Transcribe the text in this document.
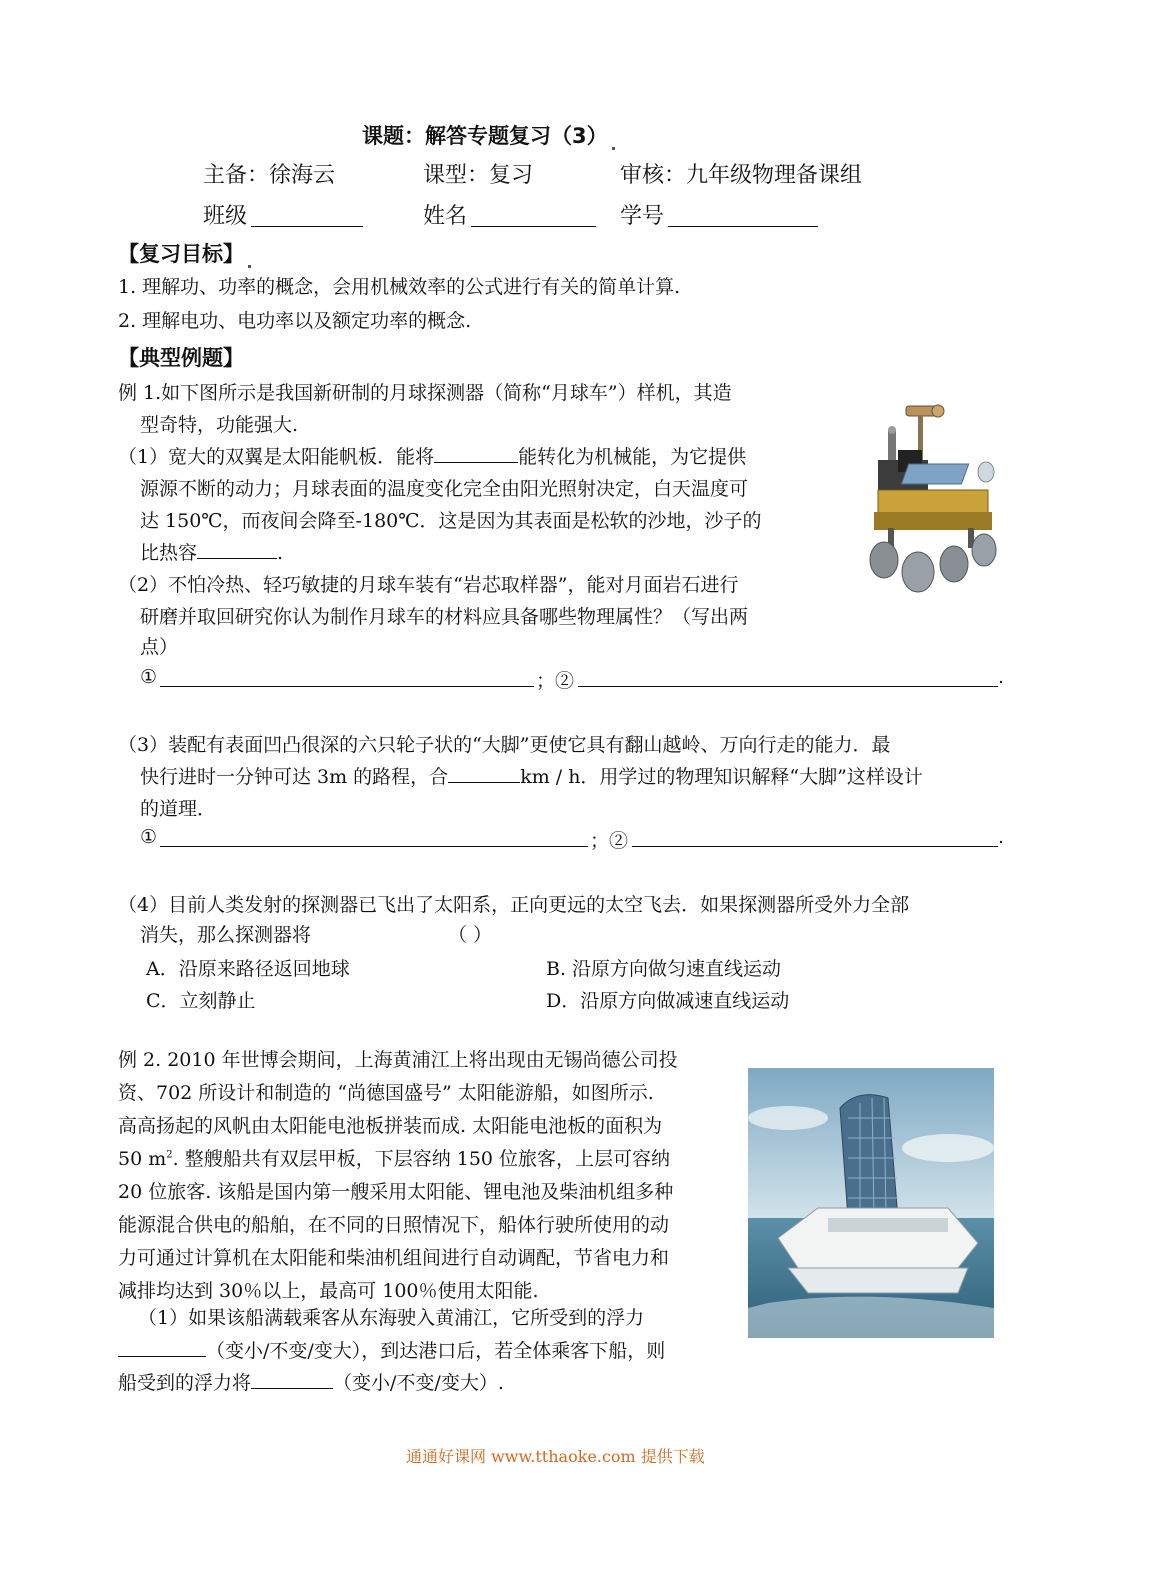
课题：解答专题复习（3）
主备：徐海云	课型：复习	审核：九年级物理备课组
班级	姓名	学号
【复习目标】
1. 理解功、功率的概念，会用机械效率的公式进行有关的简单计算.
2. 理解电功、电功率以及额定功率的概念.
【典型例题】
例 1.如下图所示是我国新研制的月球探测器（简称“月球车”）样机，其造
型奇特，功能强大.
（1）宽大的双翼是太阳能帆板．能将	能转化为机械能，为它提供
源源不断的动力；月球表面的温度变化完全由阳光照射决定，白天温度可
达 150℃，而夜间会降至-180℃．这是因为其表面是松软的沙地，沙子的
比热容	.
（2）不怕冷热、轻巧敏捷的月球车装有“岩芯取样器”，能对月面岩石进行
研磨并取回研究你认为制作月球车的材料应具备哪些物理属性？（写出两
点）
①	；②	.
（3）装配有表面凹凸很深的六只轮子状的“大脚”更使它具有翻山越岭、万向行走的能力．最
快行进时一分钟可达 3m 的路程，合	km / h．用学过的物理知识解释“大脚”这样设计
的道理．
①	；②	.
（4）目前人类发射的探测器已飞出了太阳系，正向更远的太空飞去．如果探测器所受外力全部
消失，那么探测器将	（ ）
A．沿原来路径返回地球	B. 沿原方向做匀速直线运动
C．立刻静止	D．沿原方向做减速直线运动
例 2. 2010 年世博会期间，上海黄浦江上将出现由无锡尚德公司投
资、702 所设计和制造的 “尚德国盛号” 太阳能游船，如图所示.
高高扬起的风帆由太阳能电池板拼装而成. 太阳能电池板的面积为
50 $m^2$. 整艘船共有双层甲板，下层容纳 150 位旅客，上层可容纳
20 位旅客. 该船是国内第一艘采用太阳能、锂电池及柴油机组多种
能源混合供电的船舶，在不同的日照情况下，船体行驶所使用的动
力可通过计算机在太阳能和柴油机组间进行自动调配，节省电力和
减排均达到 30％以上，最高可 100％使用太阳能.
（1）如果该船满载乘客从东海驶入黄浦江，它所受到的浮力
（变小/不变/变大），到达港口后，若全体乘客下船，则
船受到的浮力将	（变小/不变/变大）.
通通好课网 www.tthaoke.com 提供下载
